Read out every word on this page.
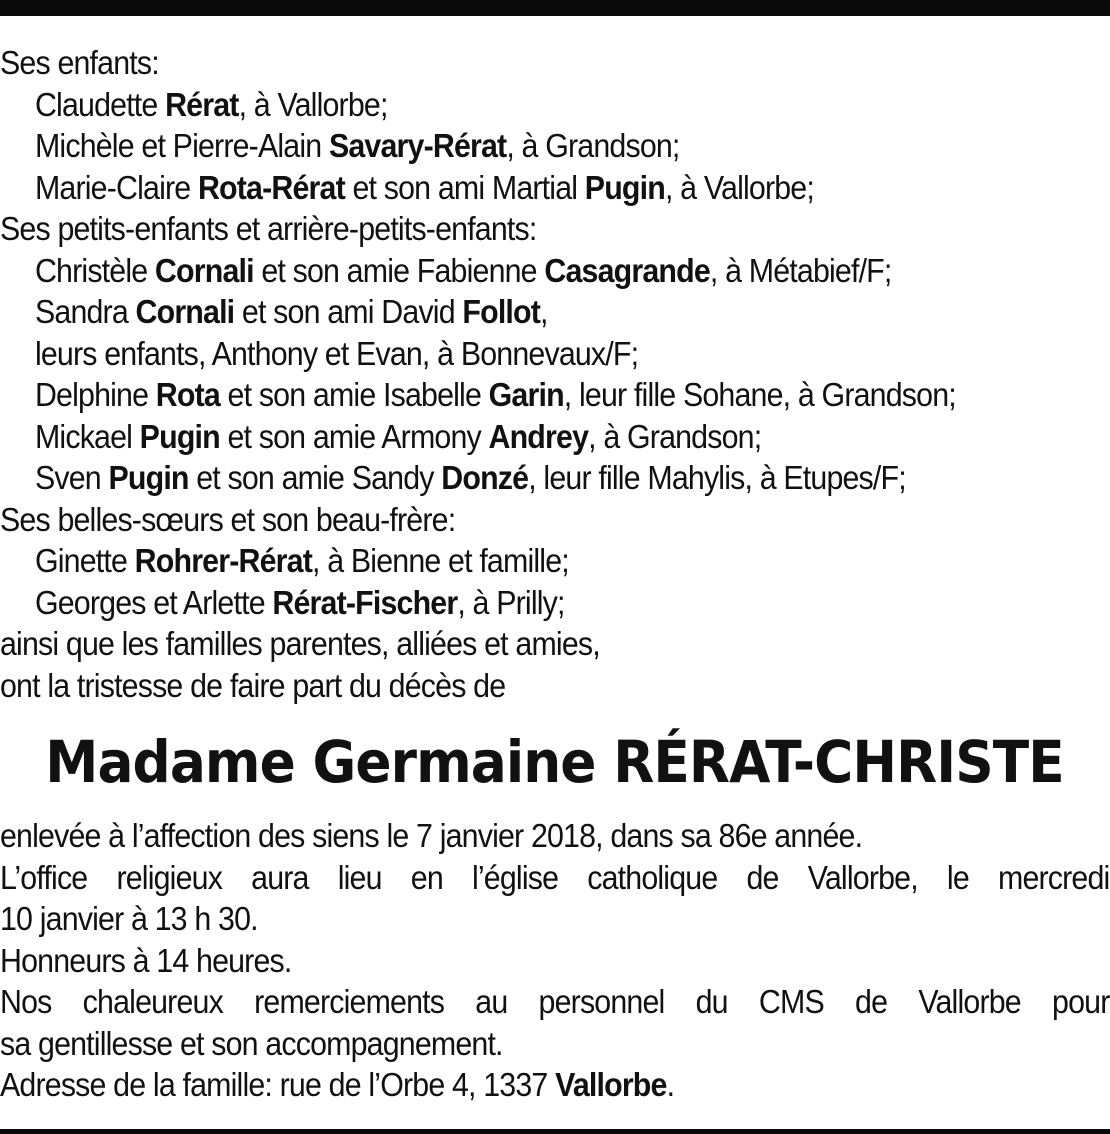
Ses enfants:
Claudette Rérat, à Vallorbe;
Michèle et Pierre-Alain Savary-Rérat, à Grandson;
Marie-Claire Rota-Rérat et son ami Martial Pugin, à Vallorbe;
Ses petits-enfants et arrière-petits-enfants:
Christèle Cornali et son amie Fabienne Casagrande, à Métabief/F;
Sandra Cornali et son ami David Follot,
leurs enfants, Anthony et Evan, à Bonnevaux/F;
Delphine Rota et son amie Isabelle Garin, leur fille Sohane, à Grandson;
Mickael Pugin et son amie Armony Andrey, à Grandson;
Sven Pugin et son amie Sandy Donzé, leur fille Mahylis, à Etupes/F;
Ses belles-sœurs et son beau-frère:
Ginette Rohrer-Rérat, à Bienne et famille;
Georges et Arlette Rérat-Fischer, à Prilly;
ainsi que les familles parentes, alliées et amies,
ont la tristesse de faire part du décès de
Madame Germaine RÉRAT-CHRISTE
enlevée à l’affection des siens le 7 janvier 2018, dans sa 86e année.
L’office religieux aura lieu en l’église catholique de Vallorbe, le mercredi
10 janvier à 13 h 30.
Honneurs à 14 heures.
Nos chaleureux remerciements au personnel du CMS de Vallorbe pour
sa gentillesse et son accompagnement.
Adresse de la famille: rue de l’Orbe 4, 1337 Vallorbe.
